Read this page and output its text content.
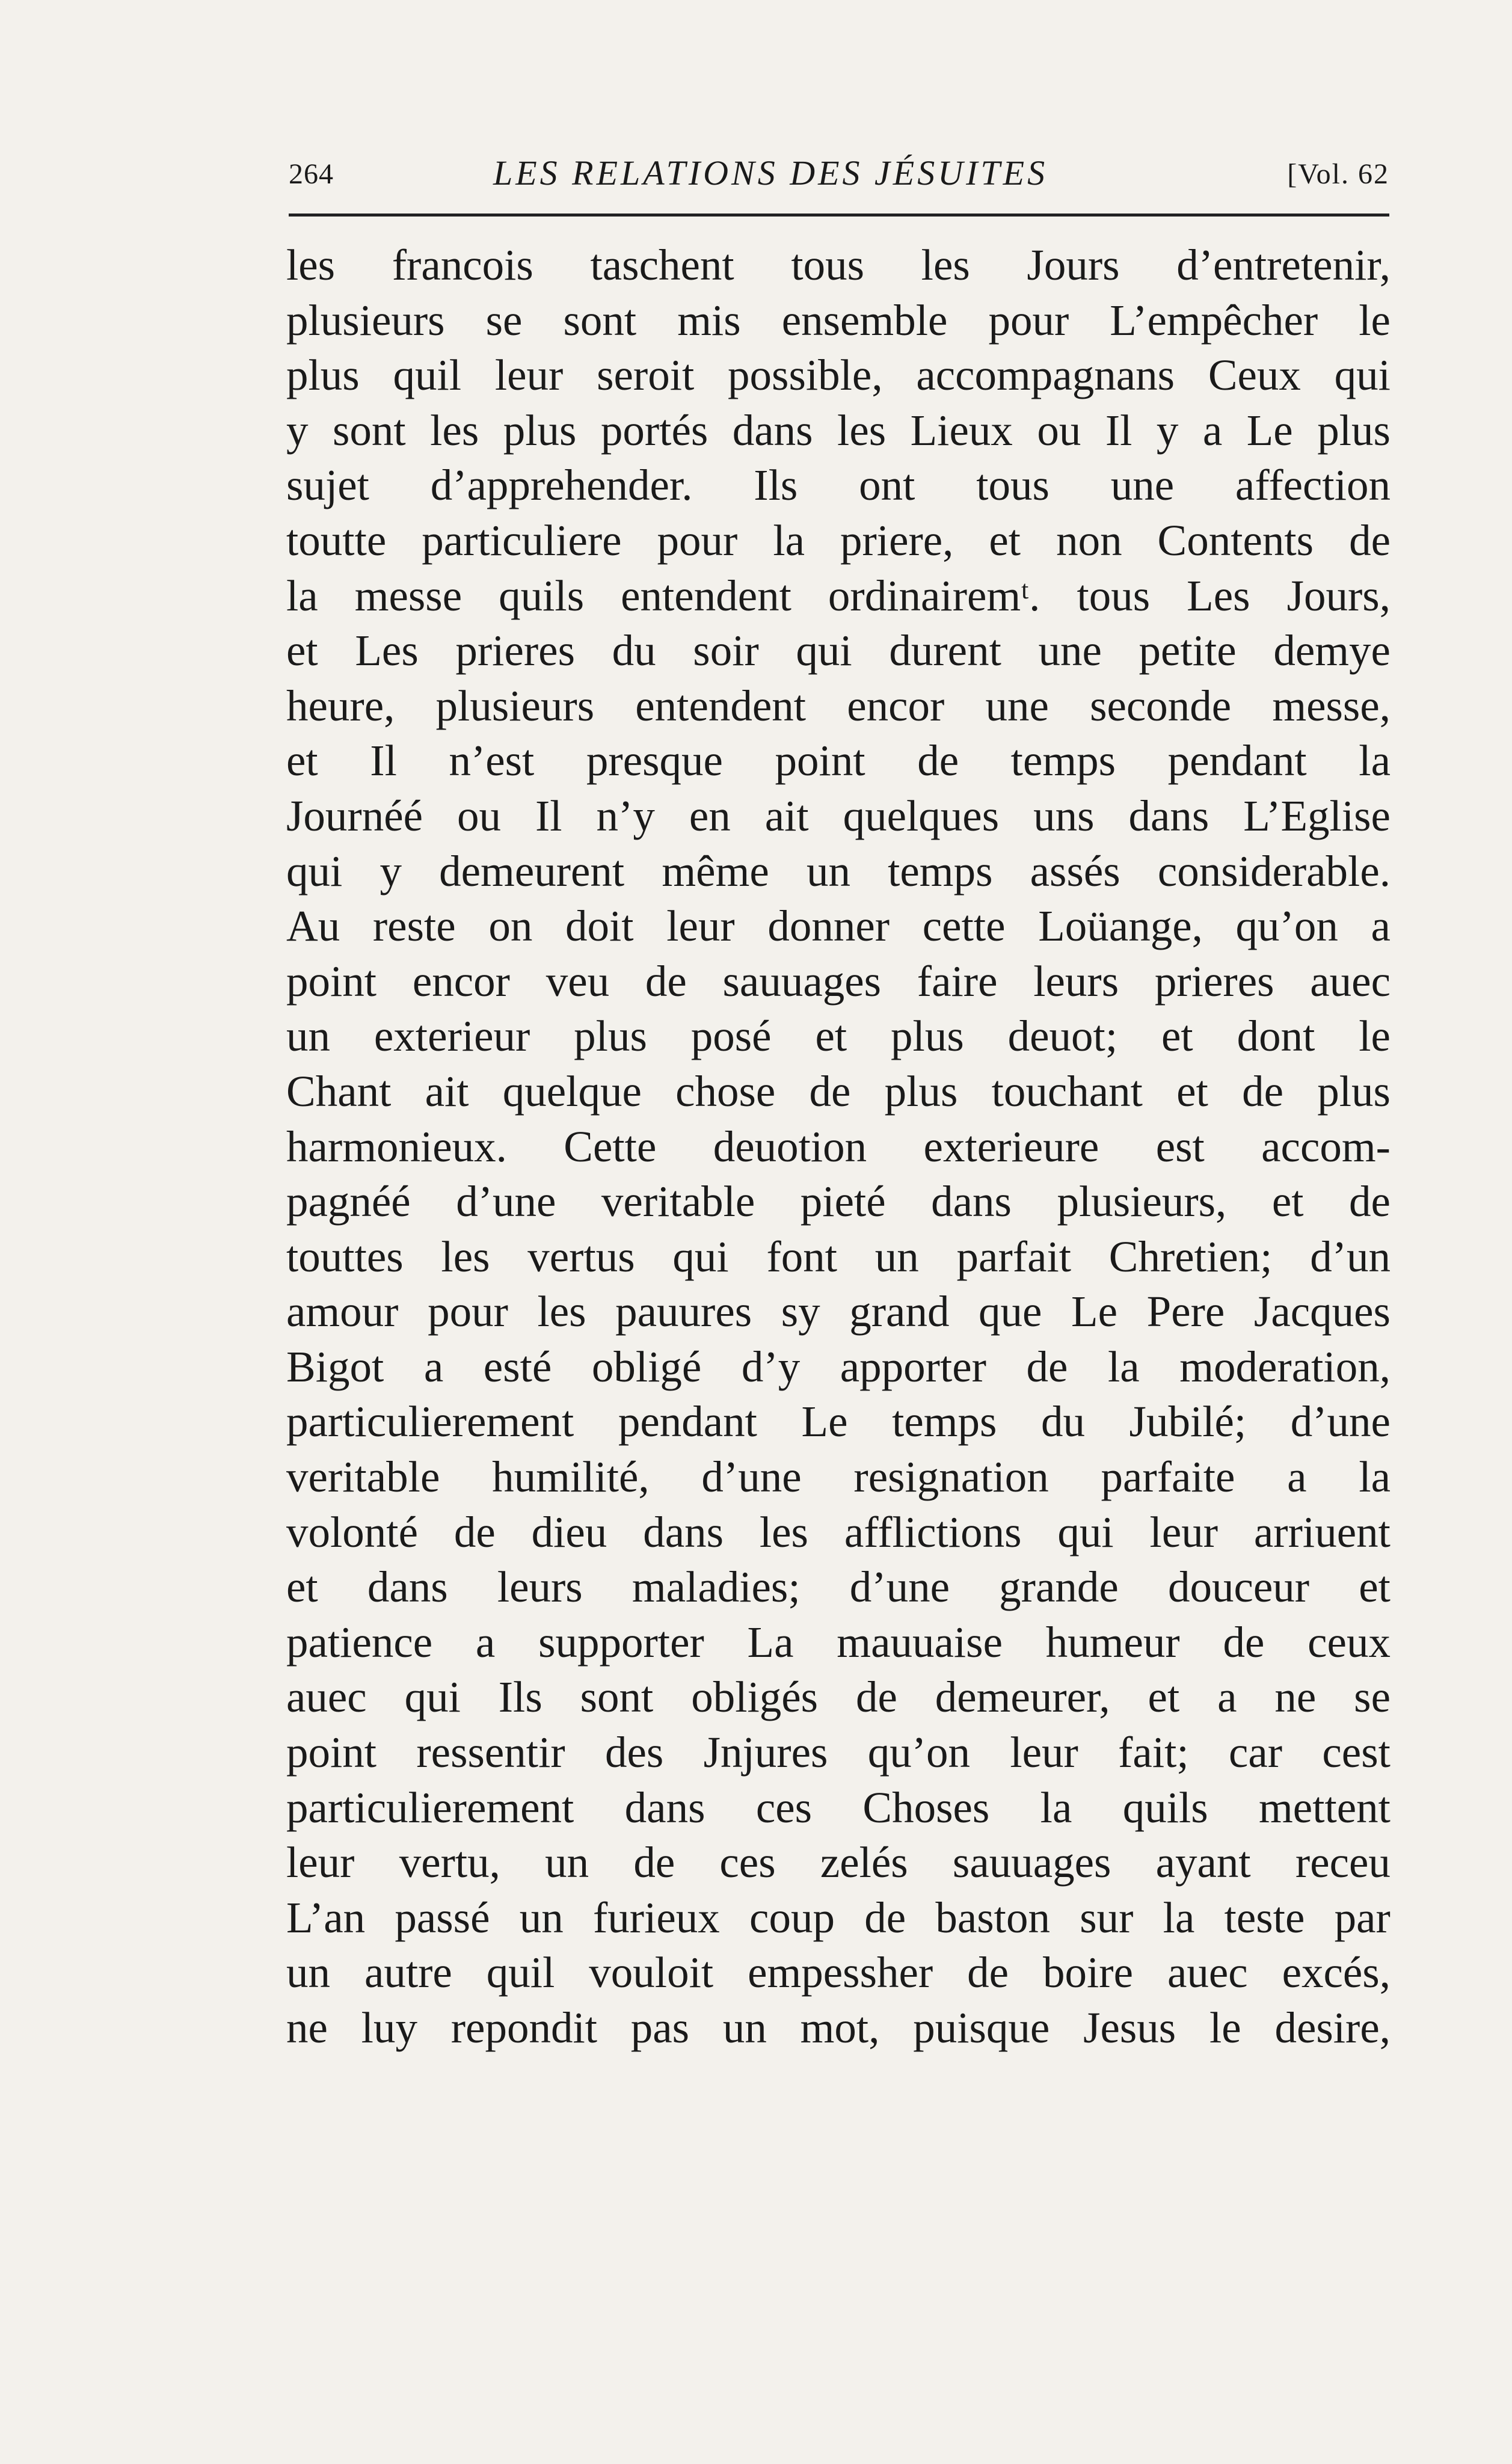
264	LES RELATIONS DES JÉSUITES	[Vol. 62
les francois taschent tous les Jours d’entretenir,
plusieurs se sont mis ensemble pour L’empêcher le
plus quil leur seroit possible, accompagnans Ceux qui
y sont les plus portés dans les Lieux ou Il y a Le plus
sujet d’apprehender. Ils ont tous une affection
toutte particuliere pour la priere, et non Contents de
la messe quils entendent ordinairemᵗ. tous Les Jours,
et Les prieres du soir qui durent une petite demye
heure, plusieurs entendent encor une seconde messe,
et Il n’est presque point de temps pendant la
Journéé ou Il n’y en ait quelques uns dans L’Eglise
qui y demeurent même un temps assés considerable.
Au reste on doit leur donner cette Loüange, qu’on a
point encor veu de sauuages faire leurs prieres auec
un exterieur plus posé et plus deuot; et dont le
Chant ait quelque chose de plus touchant et de plus
harmonieux. Cette deuotion exterieure est accom-
pagnéé d’une veritable pieté dans plusieurs, et de
touttes les vertus qui font un parfait Chretien; d’un
amour pour les pauures sy grand que Le Pere Jacques
Bigot a esté obligé d’y apporter de la moderation,
particulierement pendant Le temps du Jubilé; d’une
veritable humilité, d’une resignation parfaite a la
volonté de dieu dans les afflictions qui leur arriuent
et dans leurs maladies; d’une grande douceur et
patience a supporter La mauuaise humeur de ceux
auec qui Ils sont obligés de demeurer, et a ne se
point ressentir des Jnjures qu’on leur fait; car cest
particulierement dans ces Choses la quils mettent
leur vertu, un de ces zelés sauuages ayant receu
L’an passé un furieux coup de baston sur la teste par
un autre quil vouloit empessher de boire auec excés,
ne luy repondit pas un mot, puisque Jesus le desire,
